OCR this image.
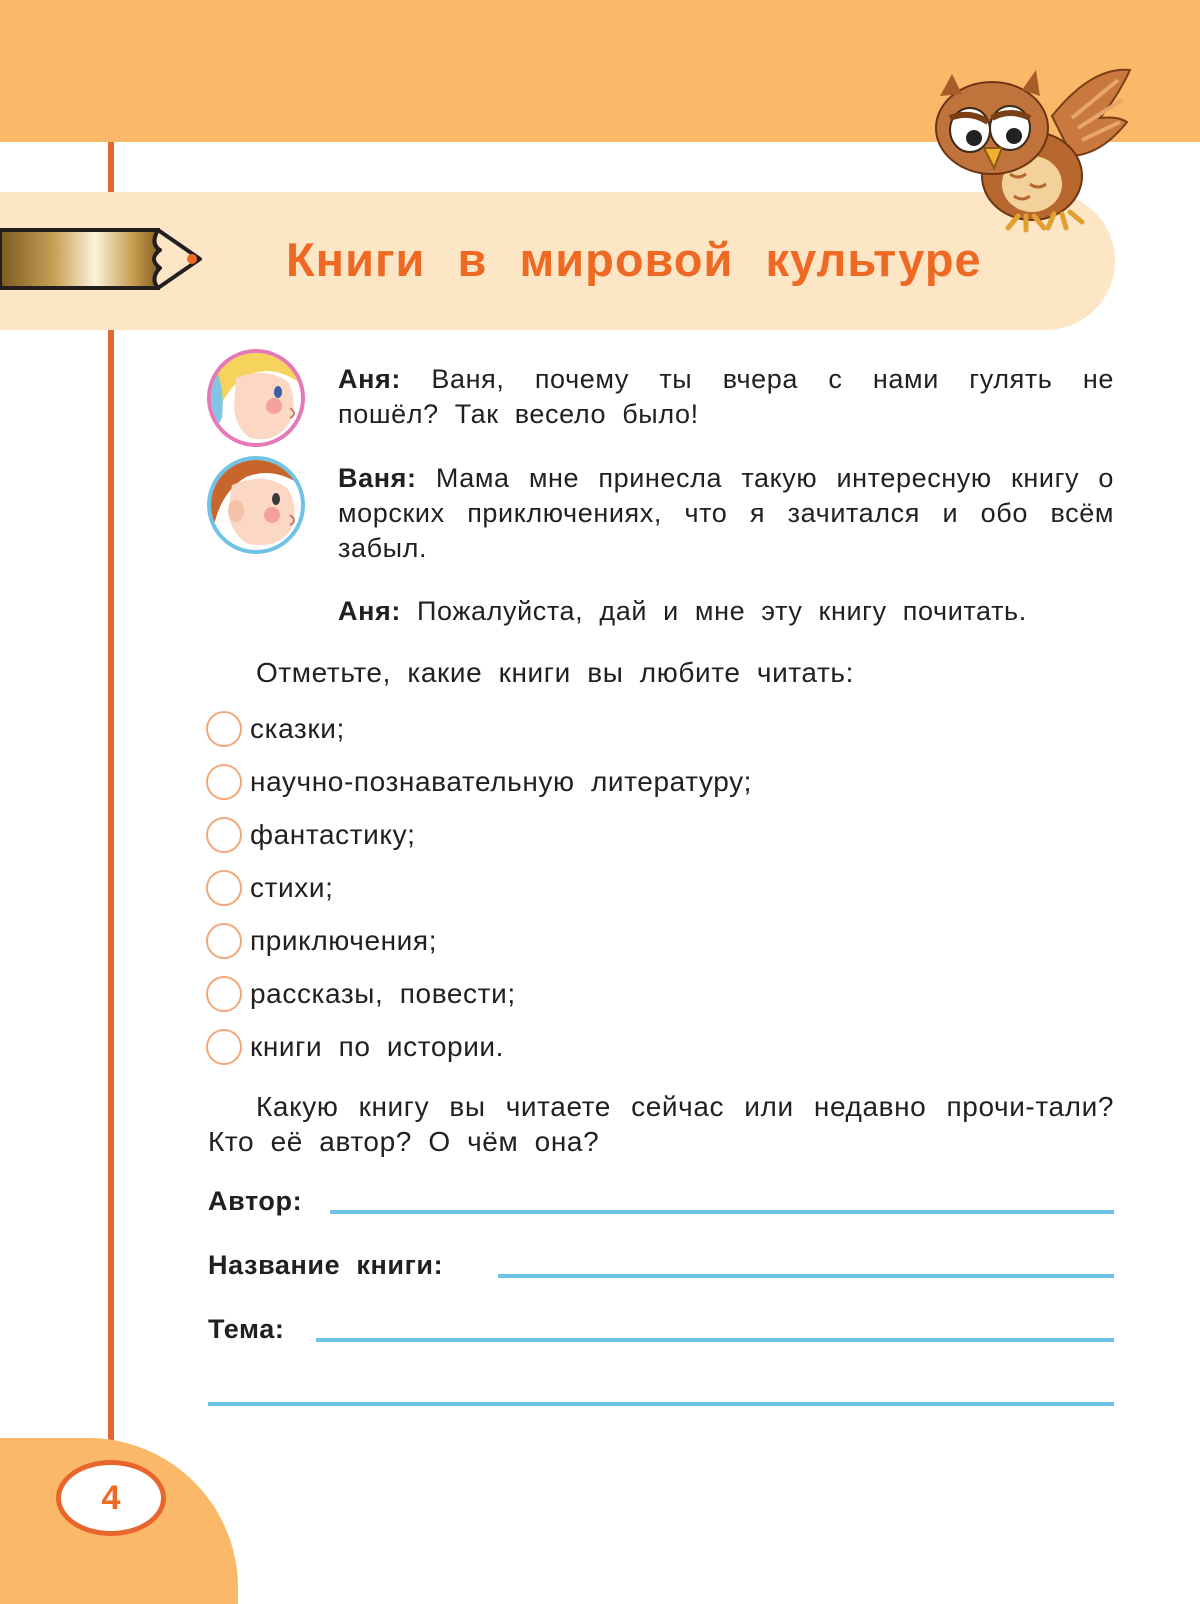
Книги в мировой культуре
Аня: Ваня, почему ты вчера с нами гулять не пошёл? Так весело было!
Ваня: Мама мне принесла такую интересную книгу о морских приключениях, что я зачитался и обо всём забыл.
Аня: Пожалуйста, дай и мне эту книгу почитать.
Отметьте, какие книги вы любите читать:
сказки;
научно-познавательную литературу;
фантастику;
стихи;
приключения;
рассказы, повести;
книги по истории.
Какую книгу вы читаете сейчас или недавно прочи-тали? Кто её автор? О чём она?
Автор:
Название книги:
Тема:
4
